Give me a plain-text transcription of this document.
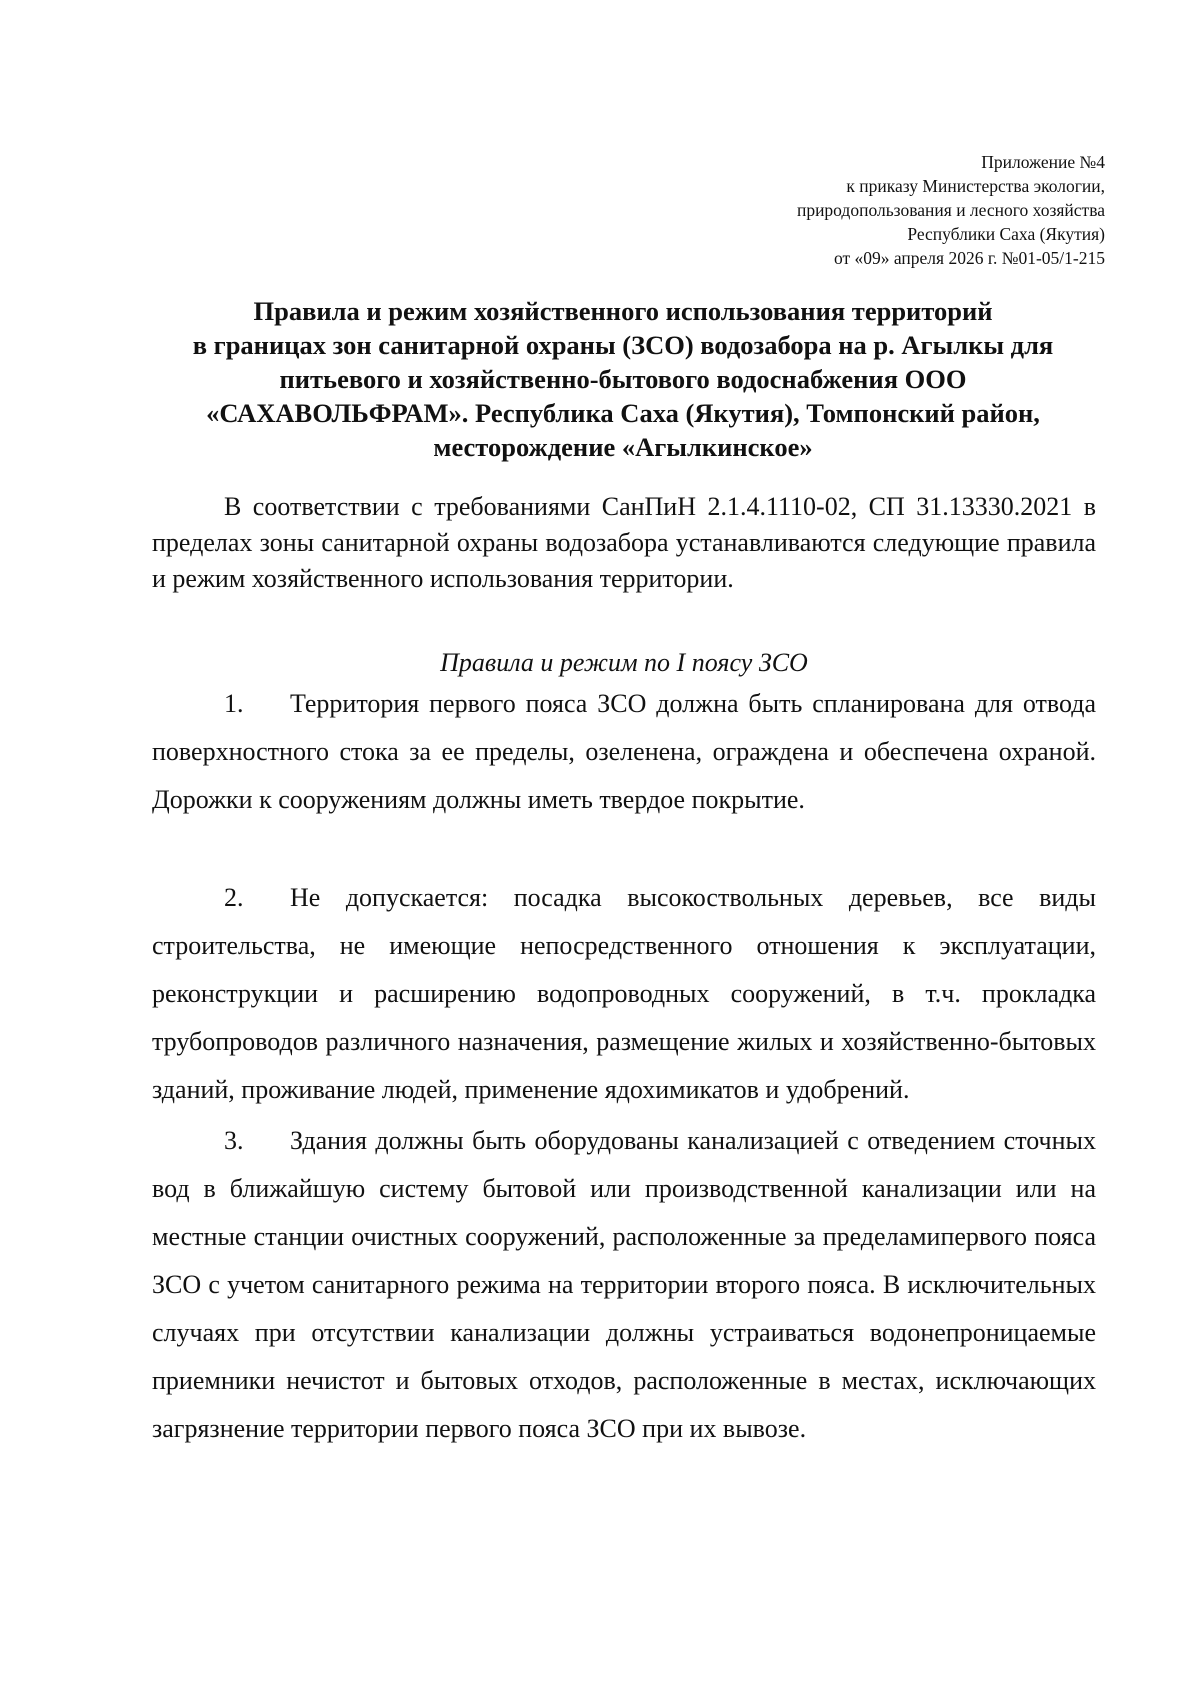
Приложение №4
к приказу Министерства экологии,
природопользования и лесного хозяйства
Республики Саха (Якутия)
от «09» апреля 2026 г. №01-05/1-215
Правила и режим хозяйственного использования территорий
в границах зон санитарной охраны (ЗСО) водозабора на р. Агылкы для
питьевого и хозяйственно-бытового водоснабжения ООО
«САХАВОЛЬФРАМ». Республика Саха (Якутия), Томпонский район,
месторождение «Агылкинское»

В соответствии с требованиями СанПиН 2.1.4.1110-02, СП 31.13330.2021 в пределах зоны санитарной охраны водозабора устанавливаются следующие правила и режим хозяйственного использования территории.

Правила и режим по I поясу ЗСО

1. Территория первого пояса ЗСО должна быть спланирована для отвода поверхностного стока за ее пределы, озеленена, ограждена и обеспечена охраной. Дорожки к сооружениям должны иметь твердое покрытие.

2. Не допускается: посадка высокоствольных деревьев, все виды строительства, не имеющие непосредственного отношения к эксплуатации, реконструкции и расширению водопроводных сооружений, в т.ч. прокладка трубопроводов различного назначения, размещение жилых и хозяйственно-бытовых зданий, проживание людей, применение ядохимикатов и удобрений.

3. Здания должны быть оборудованы канализацией с отведением сточных вод в ближайшую систему бытовой или производственной канализации или на местные станции очистных сооружений, расположенные за пределамипервого пояса ЗСО с учетом санитарного режима на территории второго пояса. В исключительных случаях при отсутствии канализации должны устраиваться водонепроницаемые приемники нечистот и бытовых отходов, расположенные в местах, исключающих загрязнение территории первого пояса ЗСО при их вывозе.
